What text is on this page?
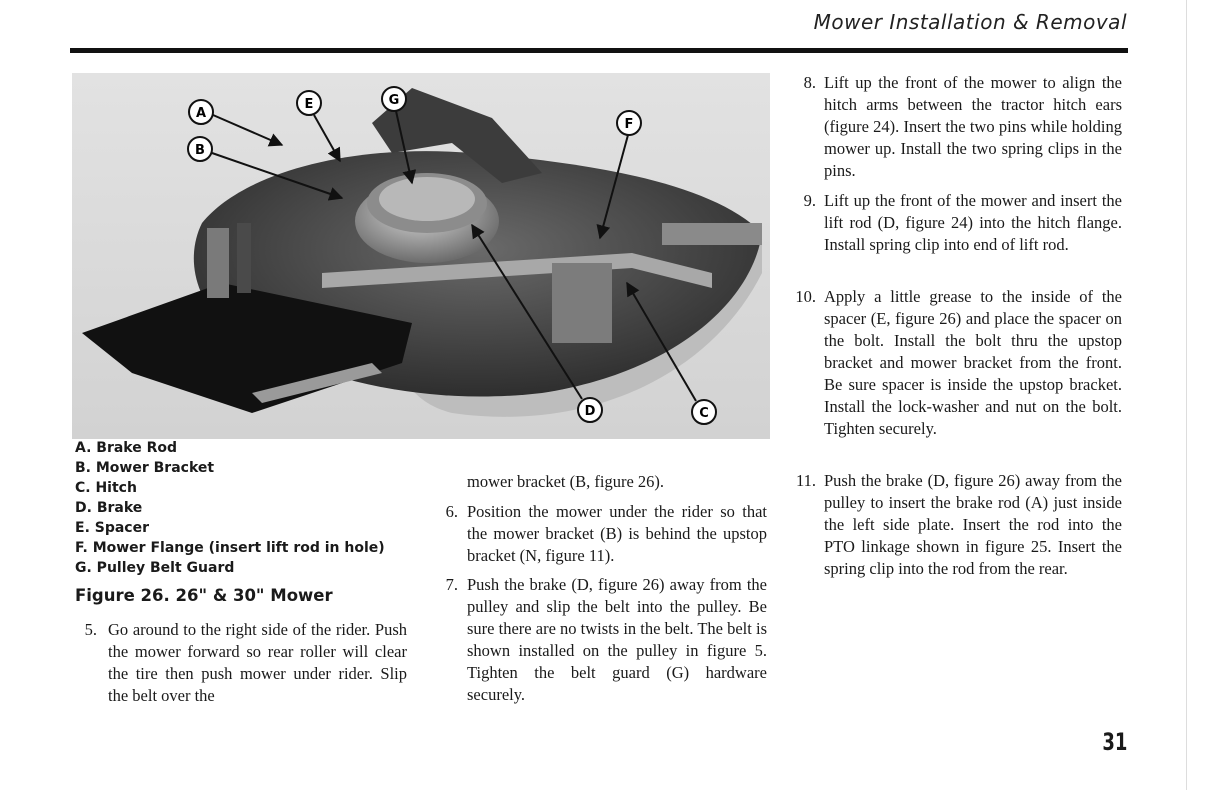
Mower Installation & Removal
A
B
E	G
F
D	C
A. Brake Rod
B. Mower Bracket
C. Hitch
D. Brake
E. Spacer
F. Mower Flange (insert lift rod in hole)
G. Pulley Belt Guard
Figure 26. 26" & 30" Mower
5. Go around to the right side of the rider. Push the mower forward so rear roller will clear the tire then push mower under rider. Slip the belt over the
mower bracket (B, figure 26).
6. Position the mower under the rider so that the mower bracket (B) is behind the upstop bracket (N, figure 11).
7. Push the brake (D, figure 26) away from the pulley and slip the belt into the pulley. Be sure there are no twists in the belt. The belt is shown installed on the pulley in figure 5. Tighten the belt guard (G) hardware securely.
8. Lift up the front of the mower to align the hitch arms between the tractor hitch ears (figure 24). Insert the two pins while holding mower up. Install the two spring clips in the pins.
9. Lift up the front of the mower and insert the lift rod (D, figure 24) into the hitch flange. Install spring clip into end of lift rod.
10. Apply a little grease to the inside of the spacer (E, figure 26) and place the spacer on the bolt. Install the bolt thru the upstop bracket and mower bracket from the front. Be sure spacer is inside the upstop bracket. Install the lock-washer and nut on the bolt. Tighten securely.
11. Push the brake (D, figure 26) away from the pulley to insert the brake rod (A) just inside the left side plate. Insert the rod into the PTO linkage shown in figure 25. Insert the spring clip into the rod from the rear.
31
